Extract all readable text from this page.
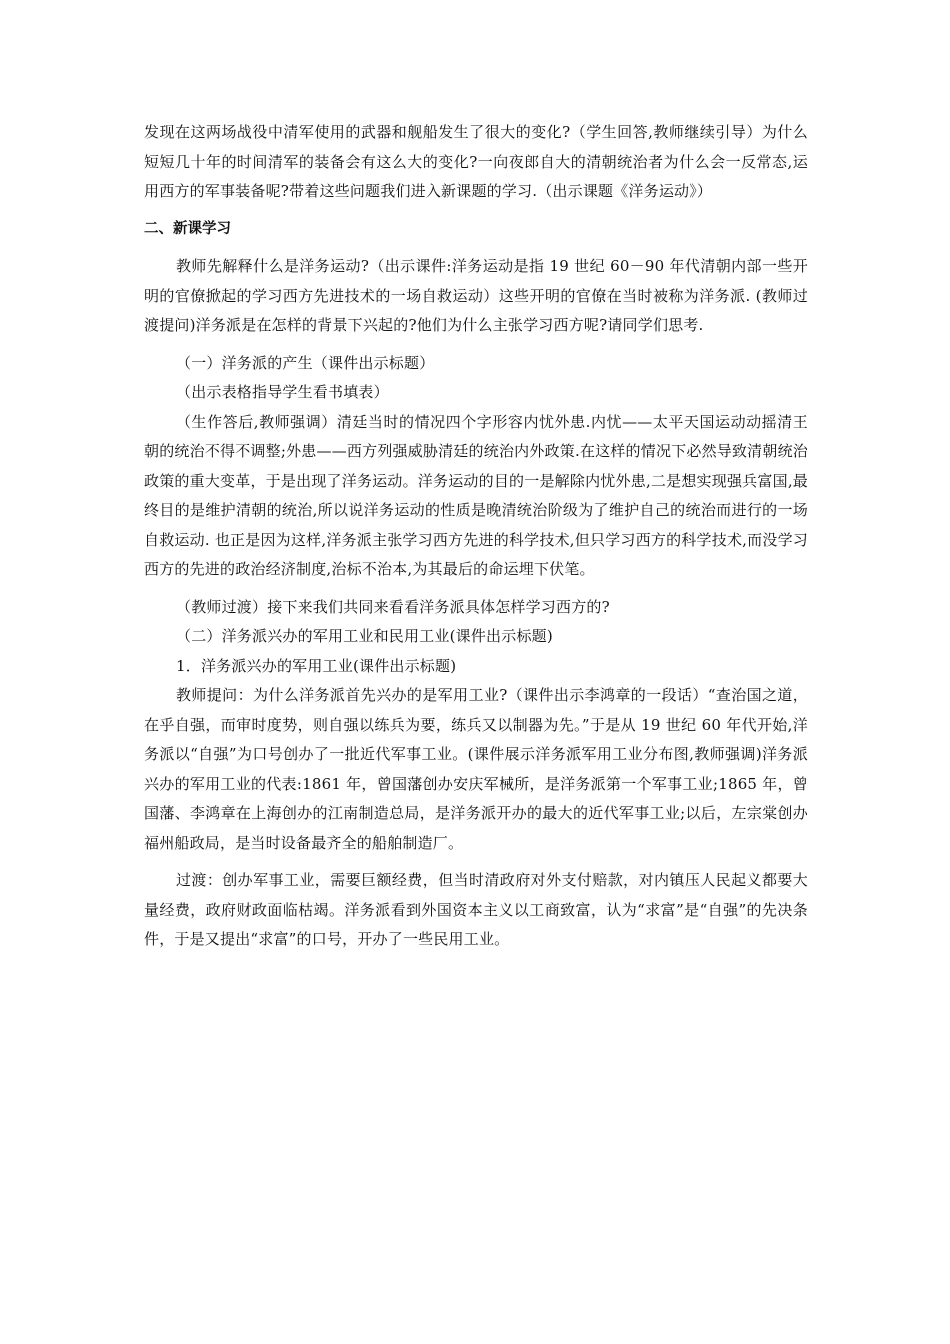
发现在这两场战役中清军使用的武器和舰船发生了很大的变化?（学生回答,教师继续引导）为什么短短几十年的时间清军的装备会有这么大的变化?一向夜郎自大的清朝统治者为什么会一反常态,运用西方的军事装备呢?带着这些问题我们进入新课题的学习.（出示课题《洋务运动》）

二、新课学习

教师先解释什么是洋务运动?（出示课件:洋务运动是指 19 世纪 60－90 年代清朝内部一些开明的官僚掀起的学习西方先进技术的一场自救运动）这些开明的官僚在当时被称为洋务派. (教师过渡提问)洋务派是在怎样的背景下兴起的?他们为什么主张学习西方呢?请同学们思考.

（一）洋务派的产生（课件出示标题）

（出示表格指导学生看书填表）

（生作答后,教师强调）清廷当时的情况四个字形容内忧外患.内忧——太平天国运动动摇清王朝的统治不得不调整;外患——西方列强威胁清廷的统治内外政策.在这样的情况下必然导致清朝统治政策的重大变革，于是出现了洋务运动。洋务运动的目的一是解除内忧外患,二是想实现强兵富国,最终目的是维护清朝的统治,所以说洋务运动的性质是晚清统治阶级为了维护自己的统治而进行的一场自救运动. 也正是因为这样,洋务派主张学习西方先进的科学技术,但只学习西方的科学技术,而没学习西方的先进的政治经济制度,治标不治本,为其最后的命运埋下伏笔。

（教师过渡）接下来我们共同来看看洋务派具体怎样学习西方的?

（二）洋务派兴办的军用工业和民用工业(课件出示标题)

1．洋务派兴办的军用工业(课件出示标题)

教师提问：为什么洋务派首先兴办的是军用工业?（课件出示李鸿章的一段话）“查治国之道，在乎自强，而审时度势，则自强以练兵为要，练兵又以制器为先。”于是从 19 世纪 60 年代开始,洋务派以“自强”为口号创办了一批近代军事工业。(课件展示洋务派军用工业分布图,教师强调)洋务派兴办的军用工业的代表:1861 年，曾国藩创办安庆军械所，是洋务派第一个军事工业;1865 年，曾国藩、李鸿章在上海创办的江南制造总局，是洋务派开办的最大的近代军事工业;以后，左宗棠创办福州船政局，是当时设备最齐全的船舶制造厂。

过渡：创办军事工业，需要巨额经费，但当时清政府对外支付赔款，对内镇压人民起义都要大量经费，政府财政面临枯竭。洋务派看到外国资本主义以工商致富，认为“求富”是“自强”的先决条件，于是又提出“求富”的口号，开办了一些民用工业。
